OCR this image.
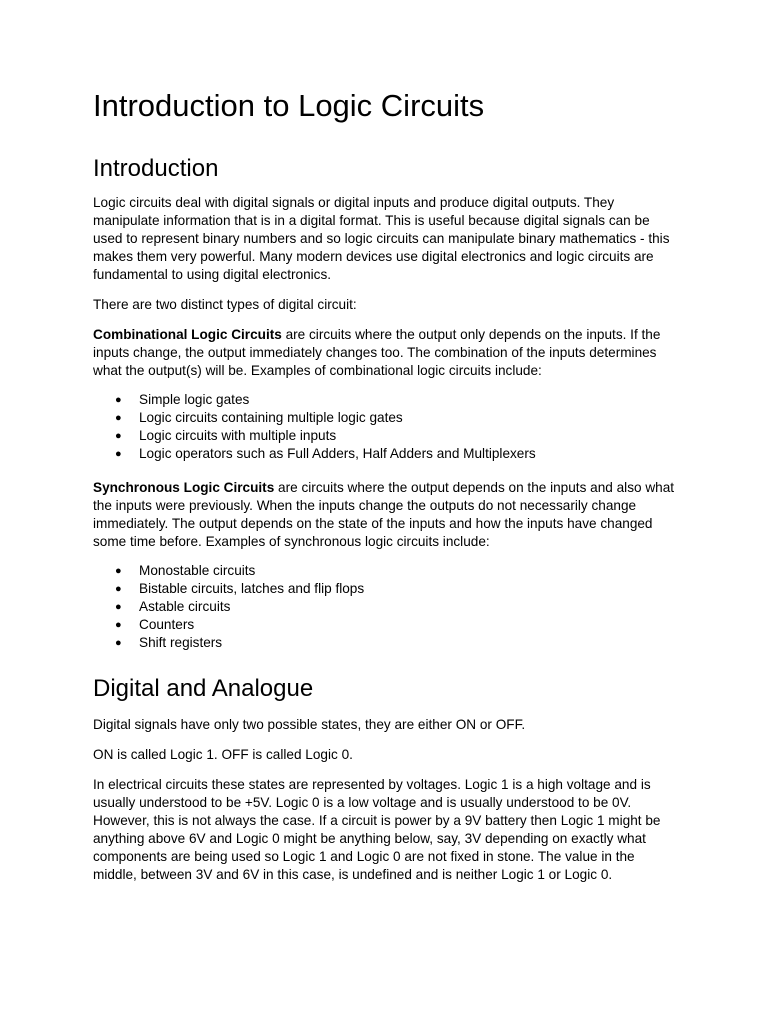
Introduction to Logic Circuits
Introduction

Logic circuits deal with digital signals or digital inputs and produce digital outputs. They manipulate information that is in a digital format. This is useful because digital signals can be used to represent binary numbers and so logic circuits can manipulate binary mathematics - this makes them very powerful. Many modern devices use digital electronics and logic circuits are fundamental to using digital electronics.

There are two distinct types of digital circuit:

Combinational Logic Circuits are circuits where the output only depends on the inputs. If the inputs change, the output immediately changes too. The combination of the inputs determines what the output(s) will be. Examples of combinational logic circuits include:

● Simple logic gates
● Logic circuits containing multiple logic gates
● Logic circuits with multiple inputs
● Logic operators such as Full Adders, Half Adders and Multiplexers

Synchronous Logic Circuits are circuits where the output depends on the inputs and also what the inputs were previously. When the inputs change the outputs do not necessarily change immediately. The output depends on the state of the inputs and how the inputs have changed some time before. Examples of synchronous logic circuits include:

● Monostable circuits
● Bistable circuits, latches and flip flops
● Astable circuits
● Counters
● Shift registers
Digital and Analogue

Digital signals have only two possible states, they are either ON or OFF.

ON is called Logic 1. OFF is called Logic 0.

In electrical circuits these states are represented by voltages. Logic 1 is a high voltage and is usually understood to be +5V. Logic 0 is a low voltage and is usually understood to be 0V. However, this is not always the case. If a circuit is power by a 9V battery then Logic 1 might be anything above 6V and Logic 0 might be anything below, say, 3V depending on exactly what components are being used so Logic 1 and Logic 0 are not fixed in stone. The value in the middle, between 3V and 6V in this case, is undefined and is neither Logic 1 or Logic 0.
